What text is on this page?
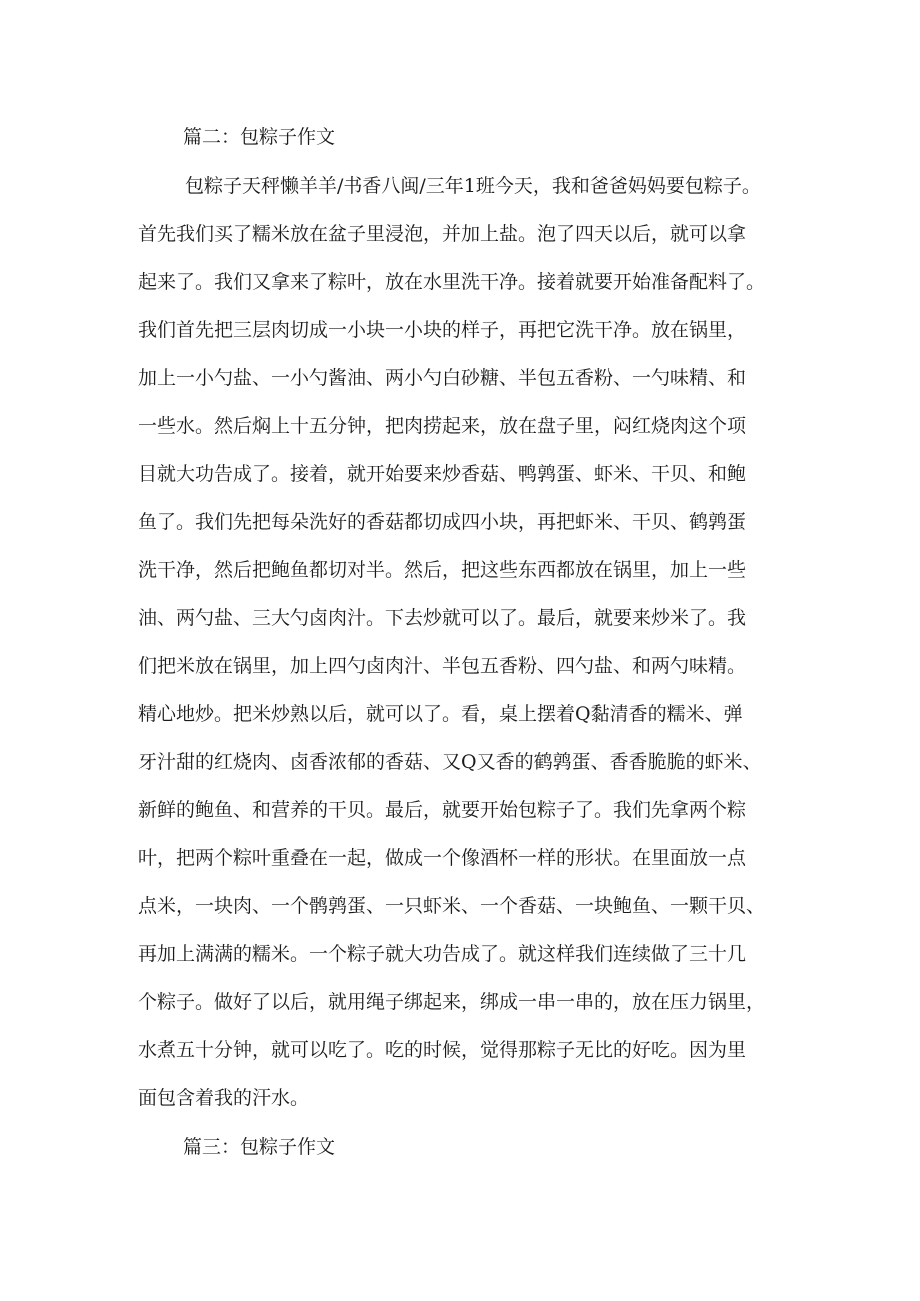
篇二：包粽子作文
包粽子天秤懒羊羊/书香八闽/三年1班今天，我和爸爸妈妈要包粽子。
首先我们买了糯米放在盆子里浸泡，并加上盐。泡了四天以后，就可以拿
起来了。我们又拿来了粽叶，放在水里洗干净。接着就要开始准备配料了。
我们首先把三层肉切成一小块一小块的样子，再把它洗干净。放在锅里，
加上一小勺盐、一小勺酱油、两小勺白砂糖、半包五香粉、一勺味精、和
一些水。然后焖上十五分钟，把肉捞起来，放在盘子里，闷红烧肉这个项
目就大功告成了。接着，就开始要来炒香菇、鸭鹑蛋、虾米、干贝、和鲍
鱼了。我们先把每朵洗好的香菇都切成四小块，再把虾米、干贝、鹤鹑蛋
洗干净，然后把鲍鱼都切对半。然后，把这些东西都放在锅里，加上一些
油、两勺盐、三大勺卤肉汁。下去炒就可以了。最后，就要来炒米了。我
们把米放在锅里，加上四勺卤肉汁、半包五香粉、四勺盐、和两勺味精。
精心地炒。把米炒熟以后，就可以了。看，桌上摆着Q黏清香的糯米、弹
牙汁甜的红烧肉、卤香浓郁的香菇、又Q又香的鹤鹑蛋、香香脆脆的虾米、
新鲜的鲍鱼、和营养的干贝。最后，就要开始包粽子了。我们先拿两个粽
叶，把两个粽叶重叠在一起，做成一个像酒杯一样的形状。在里面放一点
点米，一块肉、一个鹘鹑蛋、一只虾米、一个香菇、一块鲍鱼、一颗干贝、
再加上满满的糯米。一个粽子就大功告成了。就这样我们连续做了三十几
个粽子。做好了以后，就用绳子绑起来，绑成一串一串的，放在压力锅里，
水煮五十分钟，就可以吃了。吃的时候，觉得那粽子无比的好吃。因为里
面包含着我的汗水。
篇三：包粽子作文
